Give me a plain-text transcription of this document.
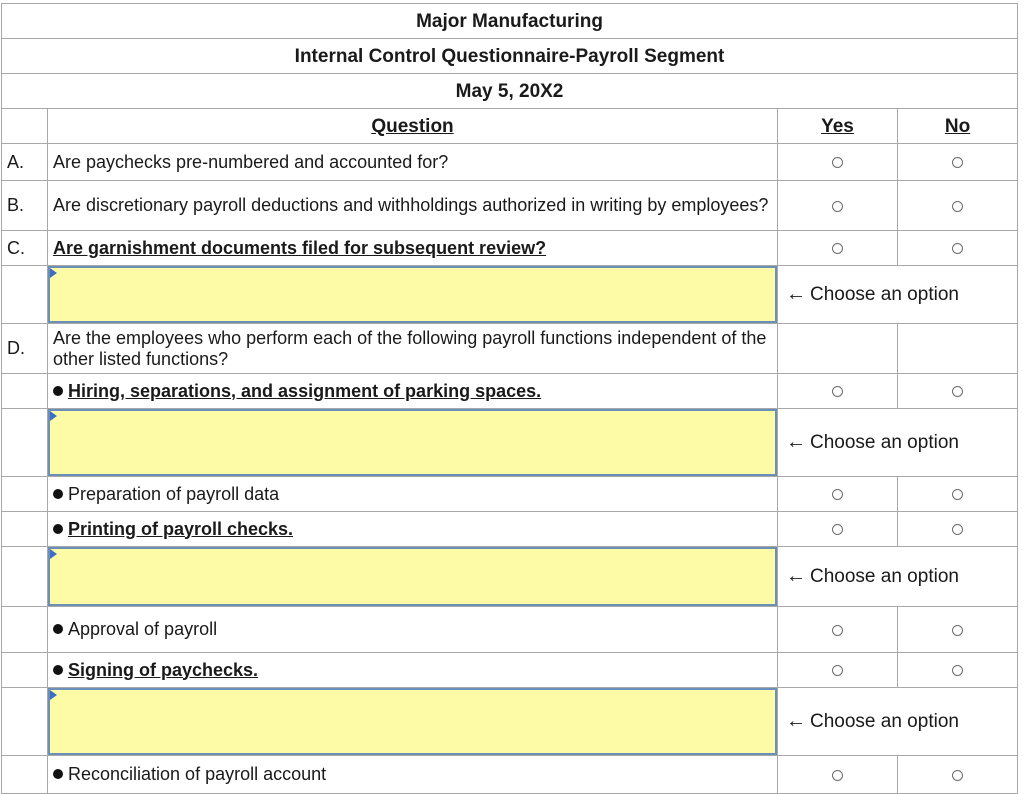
Major Manufacturing			
Internal Control Questionnaire-Payroll Segment			
May 5, 20X2			
	Question	Yes	No
A.	Are paychecks pre-numbered and accounted for?		
B.	Are discretionary payroll deductions and withholdings authorized in writing by employees?		
C.	Are garnishment documents filed for subsequent review?		

	← Choose an option	
D.	Are the employees who perform each of the following payroll functions independent of the other listed functions?		
	Hiring, separations, and assignment of parking spaces.		

	← Choose an option	
	Preparation of payroll data		
	Printing of payroll checks.		

	← Choose an option	
	Approval of payroll		
	Signing of paychecks.		

	← Choose an option	
	Reconciliation of payroll account		
